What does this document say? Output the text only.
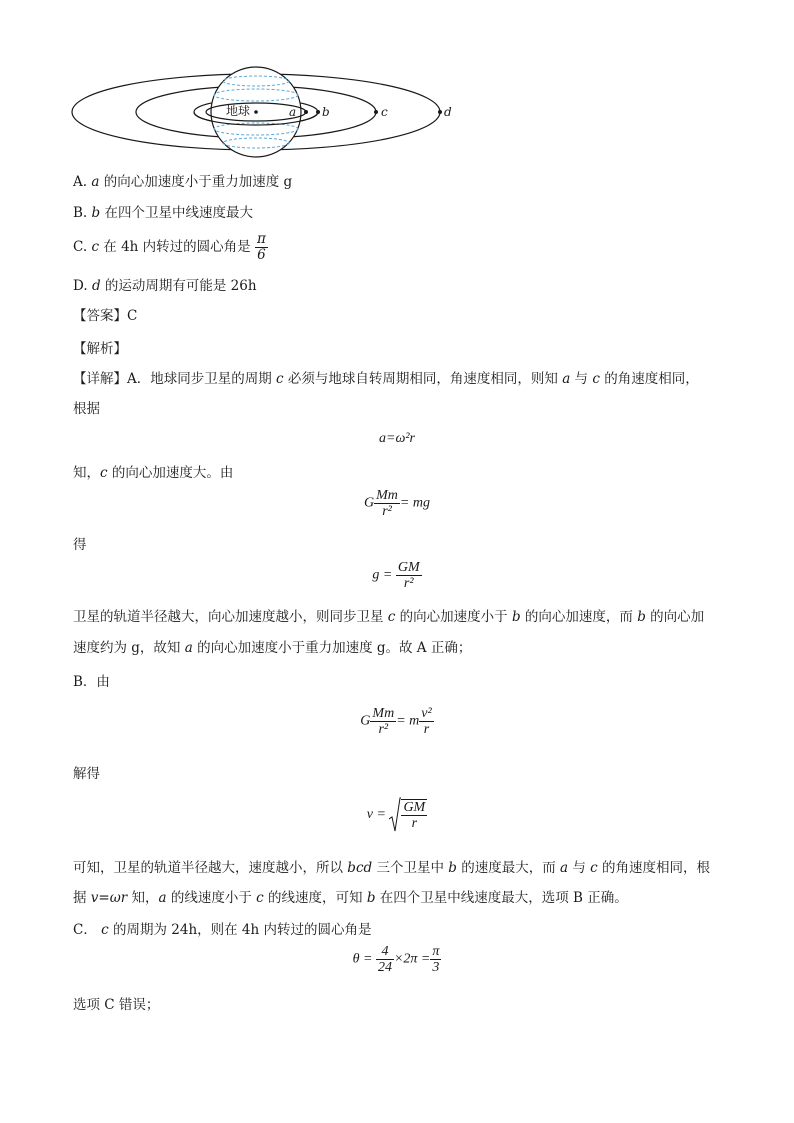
地球	a b	c	d
A. a 的向心加速度小于重力加速度 g
B. b 在四个卫星中线速度最大
C. c 在 4h 内转过的圆心角是 $\frac{\pi}{6}$
D. d 的运动周期有可能是 26h
【答案】C
【解析】
【详解】A．地球同步卫星的周期 c 必须与地球自转周期相同，角速度相同，则知 a 与 c 的角速度相同，
根据
a=ω²r
知，c 的向心加速度大。由
G $\frac{Mm}{\text{r²}}$ = mg
得
$g = \frac{GM}{\text{r²}}$
卫星的轨道半径越大，向心加速度越小，则同步卫星 c 的向心加速度小于 b 的向心加速度，而 b 的向心加
速度约为 g，故知 a 的向心加速度小于重力加速度 g。故 A 正确；
B．由
G $\frac{Mm}{\text{r²}} = m \frac{\text{v²}}{r}$
解得
$v = \frac{GM}{r}$
可知，卫星的轨道半径越大，速度越小，所以 bcd 三个卫星中 b 的速度最大，而 a 与 c 的角速度相同，根
据 v=ωr 知，a 的线速度小于 c 的线速度，可知 b 在四个卫星中线速度最大，选项 B 正确。
C． c 的周期为 24h，则在 4h 内转过的圆心角是
$\theta = \frac{4}{24} \times 2\pi = \frac{\pi}{3}$
选项 C 错误；
